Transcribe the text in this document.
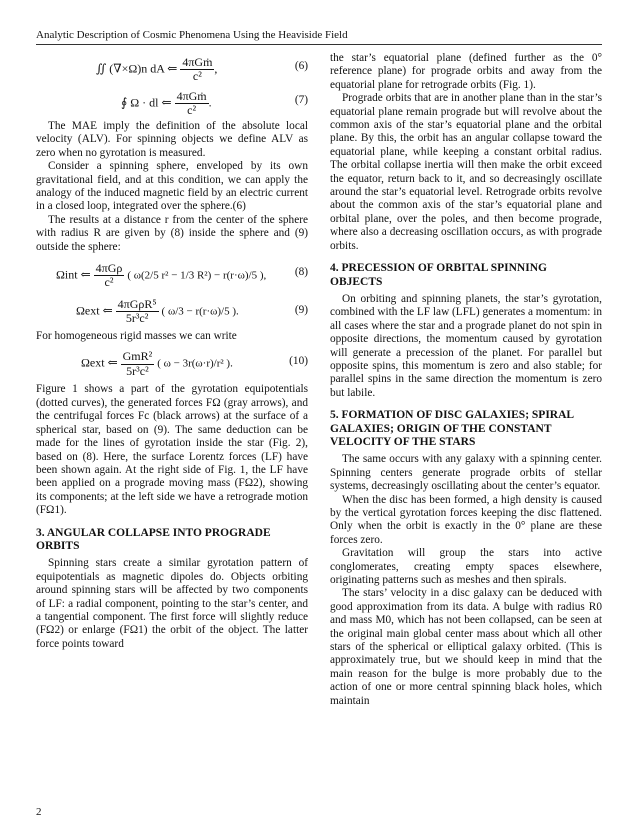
Analytic Description of Cosmic Phenomena Using the Heaviside Field
∬ (∇×Ω)n dA ⇐ $\frac{\text{4πGṁ}}{\text{c²}}$ ,	(6)
∮ Ω · dl ⇐ $\frac{\text{4πGṁ}}{\text{c²}}$ .	(7)

The MAE imply the definition of the absolute local velocity (ALV). For spinning objects we define ALV as zero when no gyrotation is measured.

Consider a spinning sphere, enveloped by its own gravitational field, and at this condition, we can apply the analogy of the induced magnetic field by an electric current in a closed loop, integrated over the sphere.(6)

The results at a distance r from the center of the sphere with radius R are given by (8) inside the sphere and (9) outside the sphere:

Ωint ⇐ $\frac{\text{4πGρ}}{\text{c²}}$ ( ω(2/5 r² − 1/3 R²) − r(r·ω)/5 ),	(8)
Ωext ⇐ $\frac{\text{4πGρR⁵}}{\text{5r³c²}}$ ( ω/3 − r(r·ω)/5 ).	(9)

For homogeneous rigid masses we can write

Ωext ⇐ $\frac{\text{GmR²}}{\text{5r³c²}}$ ( ω − 3r(ω·r)/r² ).	(10)

Figure 1 shows a part of the gyrotation equipotentials (dotted curves), the generated forces FΩ (gray arrows), and the centrifugal forces Fc (black arrows) at the surface of a spherical star, based on (9). The same deduction can be made for the lines of gyrotation inside the star (Fig. 2), based on (8). Here, the surface Lorentz forces (LF) have been shown again. At the right side of Fig. 1, the LF have been applied on a prograde moving mass (FΩ2), showing its components; at the left side we have a retrograde motion (FΩ1).

3. ANGULAR COLLAPSE INTO PROGRADE ORBITS

Spinning stars create a similar gyrotation pattern of equipotentials as magnetic dipoles do. Objects orbiting around spinning stars will be affected by two components of LF: a radial component, pointing to the star’s center, and a tangential component. The first force will slightly reduce (FΩ2) or enlarge (FΩ1) the orbit of the object. The latter force points toward

the star’s equatorial plane (defined further as the 0° reference plane) for prograde orbits and away from the equatorial plane for retrograde orbits (Fig. 1).

Prograde orbits that are in another plane than in the star’s equatorial plane remain prograde but will revolve about the common axis of the star’s equatorial plane and the orbital plane. By this, the orbit has an angular collapse toward the equatorial plane, while keeping a constant orbital radius. The orbital collapse inertia will then make the orbit exceed the equator, return back to it, and so decreasingly oscillate around the star’s equatorial level. Retrograde orbits revolve about the common axis of the star’s equatorial plane and orbital plane, over the poles, and then become prograde, where also a decreasing oscillation occurs, as with prograde orbits.

4. PRECESSION OF ORBITAL SPINNING OBJECTS

On orbiting and spinning planets, the star’s gyrotation, combined with the LF law (LFL) generates a momentum: in all cases where the star and a prograde planet do not spin in opposite directions, the momentum caused by gyrotation will generate a precession of the planet. For parallel but opposite spins, this momentum is zero and also stable; for parallel spins in the same direction the momentum is zero but labile.

5. FORMATION OF DISC GALAXIES; SPIRAL GALAXIES; ORIGIN OF THE CONSTANT VELOCITY OF THE STARS

The same occurs with any galaxy with a spinning center. Spinning centers generate prograde orbits of stellar systems, decreasingly oscillating about the center’s equator.

When the disc has been formed, a high density is caused by the vertical gyrotation forces keeping the disc flattened. Only when the orbit is exactly in the 0° plane are these forces zero.

Gravitation will group the stars into active conglomerates, creating empty spaces elsewhere, originating patterns such as meshes and then spirals.

The stars’ velocity in a disc galaxy can be deduced with good approximation from its data. A bulge with radius R0 and mass M0, which has not been collapsed, can be seen at the original main global center mass about which all other stars of the spherical or elliptical galaxy orbited. (This is approximately true, but we should keep in mind that the main reason for the bulge is more probably due to the action of one or more central spinning black holes, which maintain

2
